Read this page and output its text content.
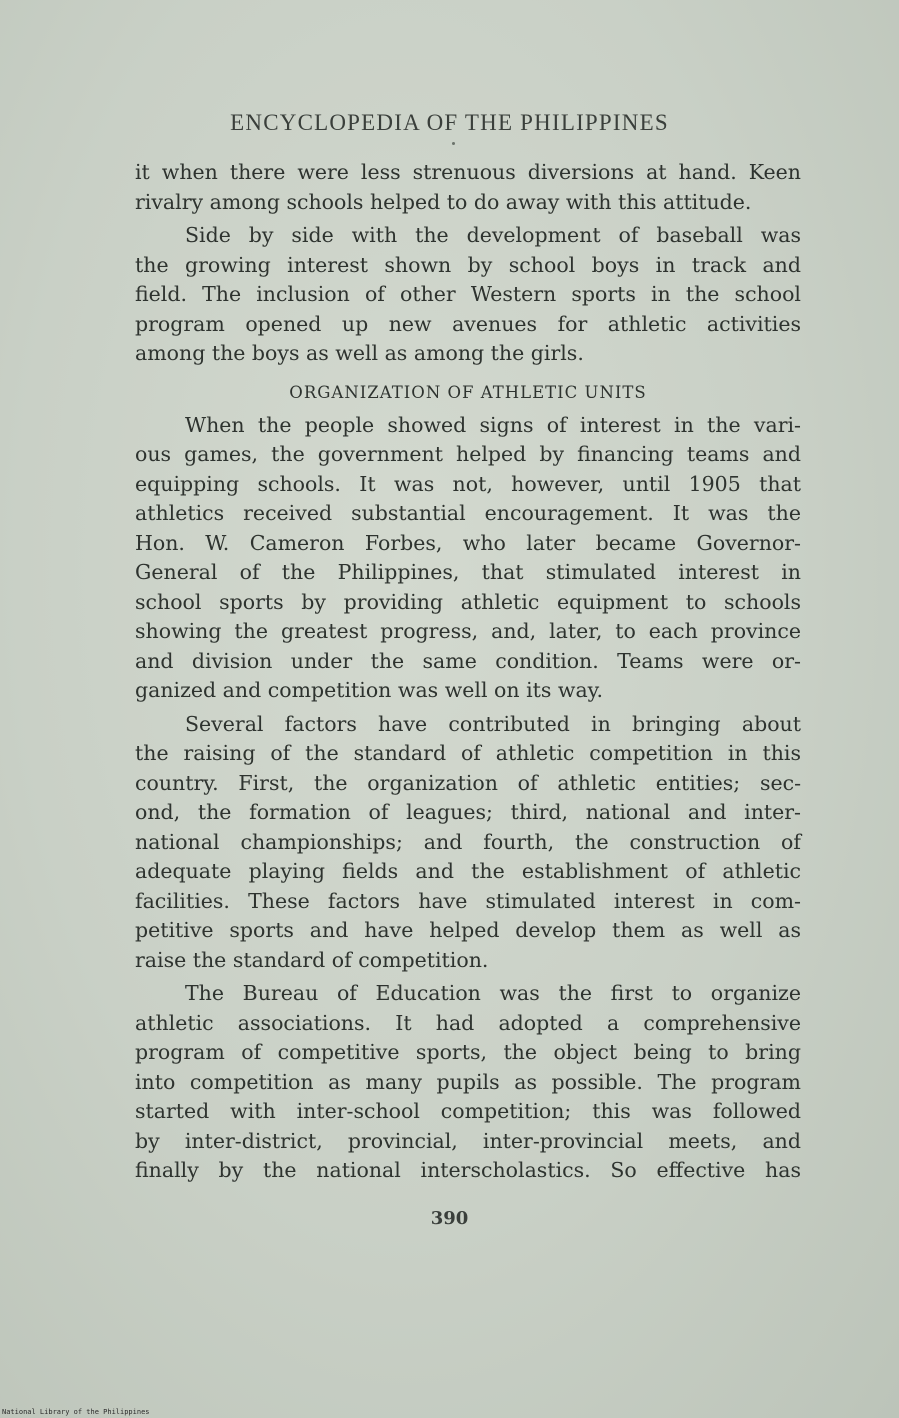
ENCYCLOPEDIA OF THE PHILIPPINES
it when there were less strenuous diversions at hand. Keen
rivalry among schools helped to do away with this attitude.
Side by side with the development of baseball was
the growing interest shown by school boys in track and
field. The inclusion of other Western sports in the school
program opened up new avenues for athletic activities
among the boys as well as among the girls.
ORGANIZATION OF ATHLETIC UNITS
When the people showed signs of interest in the vari-
ous games, the government helped by financing teams and
equipping schools. It was not, however, until 1905 that
athletics received substantial encouragement. It was the
Hon. W. Cameron Forbes, who later became Governor-
General of the Philippines, that stimulated interest in
school sports by providing athletic equipment to schools
showing the greatest progress, and, later, to each province
and division under the same condition. Teams were or-
ganized and competition was well on its way.
Several factors have contributed in bringing about
the raising of the standard of athletic competition in this
country. First, the organization of athletic entities; sec-
ond, the formation of leagues; third, national and inter-
national championships; and fourth, the construction of
adequate playing fields and the establishment of athletic
facilities. These factors have stimulated interest in com-
petitive sports and have helped develop them as well as
raise the standard of competition.
The Bureau of Education was the first to organize
athletic associations. It had adopted a comprehensive
program of competitive sports, the object being to bring
into competition as many pupils as possible. The program
started with inter-school competition; this was followed
by inter-district, provincial, inter-provincial meets, and
finally by the national interscholastics. So effective has
390
National Library of the Philippines
